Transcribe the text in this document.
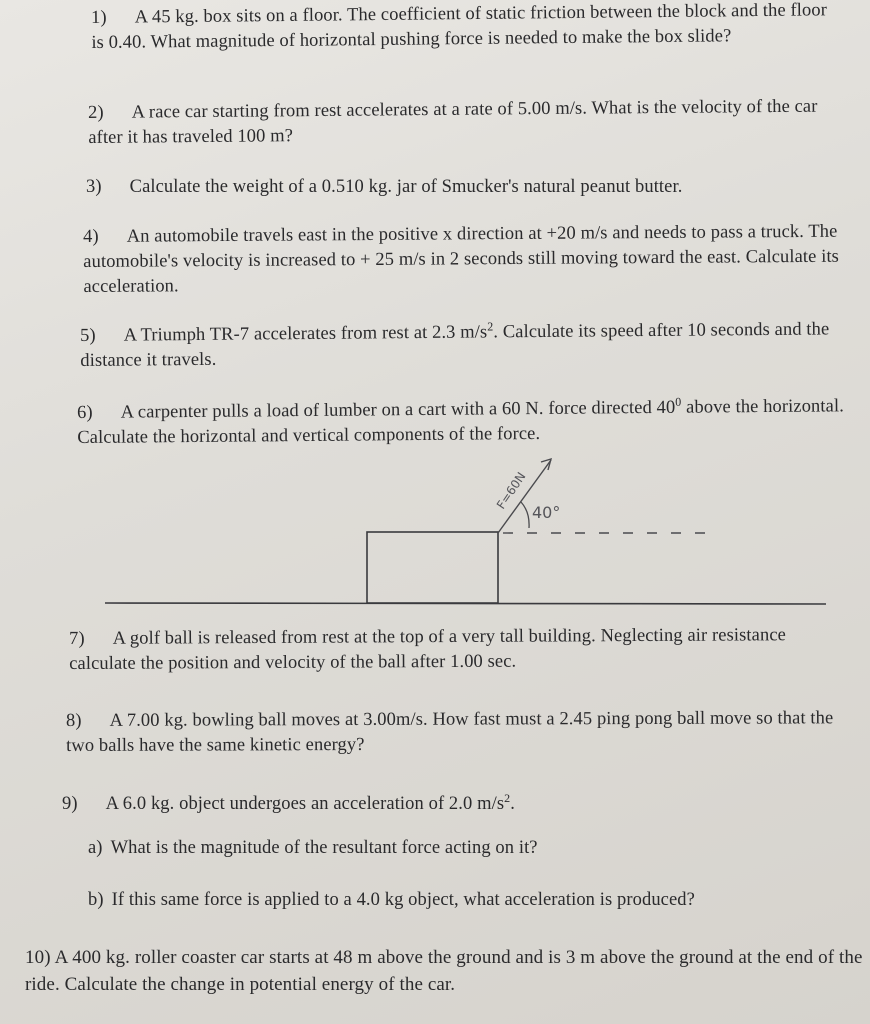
1) A 45 kg. box sits on a floor. The coefficient of static friction between the block and the floor is 0.40. What magnitude of horizontal pushing force is needed to make the box slide?
2) A race car starting from rest accelerates at a rate of 5.00 m/s. What is the velocity of the car after it has traveled 100 m?
3) Calculate the weight of a 0.510 kg. jar of Smucker's natural peanut butter.
4) An automobile travels east in the positive x direction at +20 m/s and needs to pass a truck. The automobile's velocity is increased to + 25 m/s in 2 seconds still moving toward the east. Calculate its acceleration.
5) A Triumph TR-7 accelerates from rest at 2.3 $m/s^2$. Calculate its speed after 10 seconds and the distance it travels.
6) A carpenter pulls a load of lumber on a cart with a 60 N. force directed $40^0$ above the horizontal. Calculate the horizontal and vertical components of the force.
F=60N
40°
7) A golf ball is released from rest at the top of a very tall building. Neglecting air resistance calculate the position and velocity of the ball after 1.00 sec.
8) A 7.00 kg. bowling ball moves at 3.00m/s. How fast must a 2.45 ping pong ball move so that the two balls have the same kinetic energy?
9) A 6.0 kg. object undergoes an acceleration of 2.0 $m/s^2$.
a) What is the magnitude of the resultant force acting on it?
b) If this same force is applied to a 4.0 kg object, what acceleration is produced?
10) A 400 kg. roller coaster car starts at 48 m above the ground and is 3 m above the ground at the end of the ride. Calculate the change in potential energy of the car.
